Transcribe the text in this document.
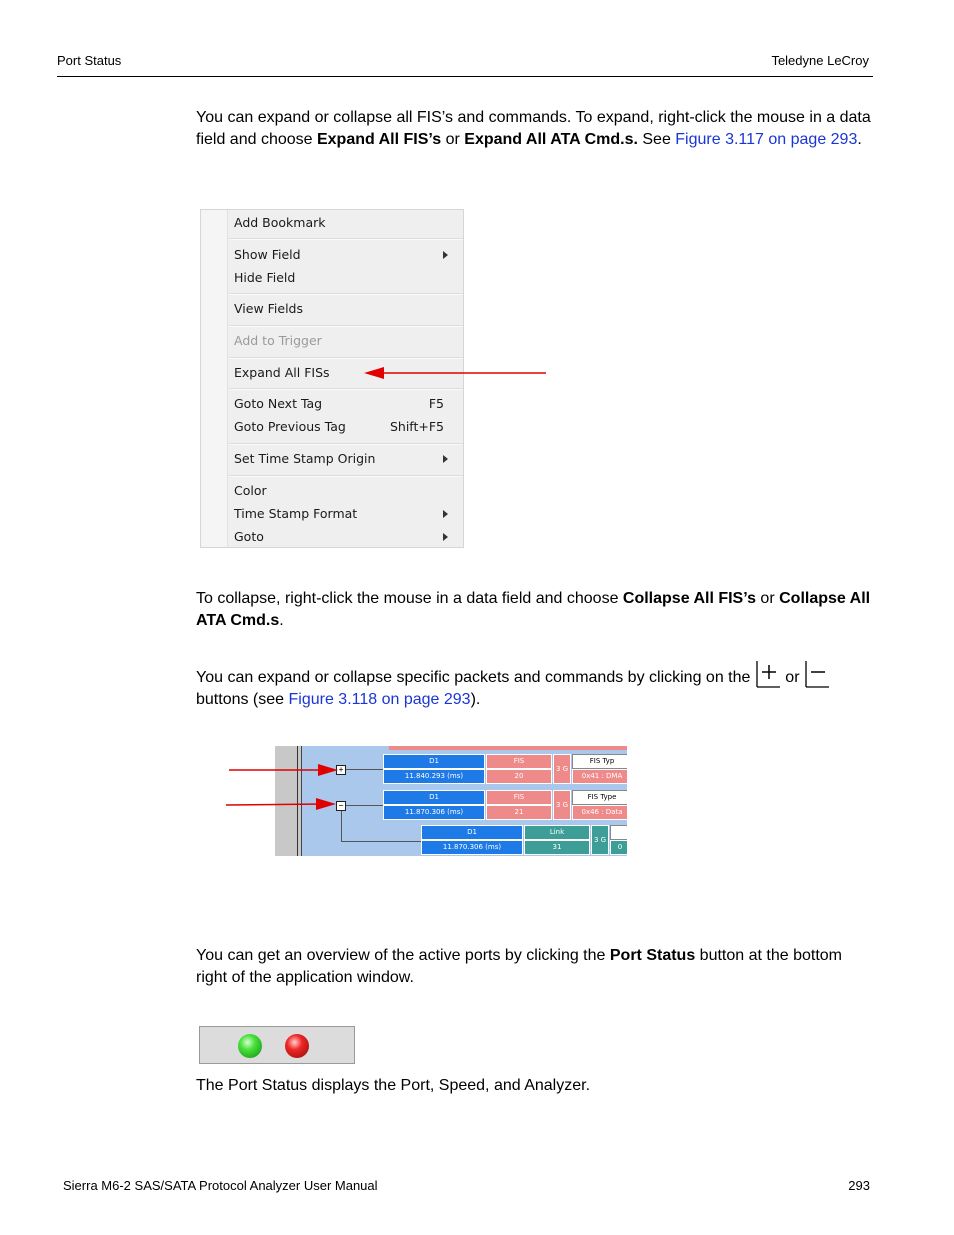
Port Status	Teledyne LeCroy
You can expand or collapse all FIS’s and commands. To expand, right-click the mouse in a data field and choose Expand All FIS’s or Expand All ATA Cmd.s. See Figure 3.117 on page 293.
Add Bookmark
Show Field
Hide Field
View Fields
Add to Trigger
Expand All FISs
Goto Next Tag	F5
Goto Previous Tag	Shift+F5
Set Time Stamp Origin
Color
Time Stamp Format
Goto
To collapse, right-click the mouse in a data field and choose Collapse All FIS’s or Collapse All ATA Cmd.s.
You can expand or collapse specific packets and commands by clicking on the
or

buttons (see Figure 3.118 on page 293).
+
−
D1
11.840.293 (ms)
FIS
20
3 G
FIS Typ
0x41 : DMA
D1
11.870.306 (ms)
FIS
21
3 G
FIS Type
0x46 : Data
D1
11.870.306 (ms)
Link
31
3 G
0
You can get an overview of the active ports by clicking the Port Status button at the bottom right of the application window.
The Port Status displays the Port, Speed, and Analyzer.
Sierra M6-2 SAS/SATA Protocol Analyzer User Manual	293
